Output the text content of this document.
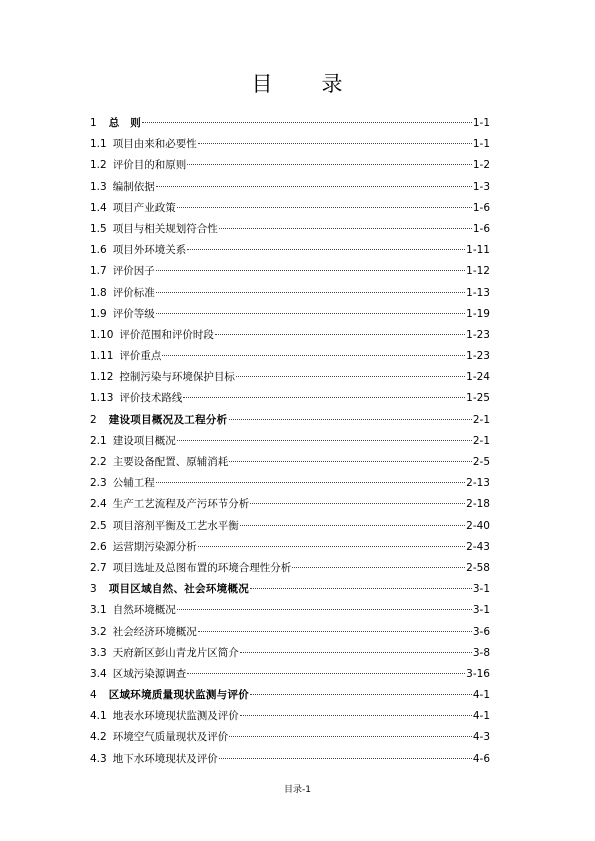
目 录
1 总　则	1-1
1.1 项目由来和必要性	1-1
1.2 评价目的和原则	1-2
1.3 编制依据	1-3
1.4 项目产业政策	1-6
1.5 项目与相关规划符合性	1-6
1.6 项目外环境关系	1-11
1.7 评价因子	1-12
1.8 评价标准	1-13
1.9 评价等级	1-19
1.10 评价范围和评价时段	1-23
1.11 评价重点	1-23
1.12 控制污染与环境保护目标	1-24
1.13 评价技术路线	1-25
2 建设项目概况及工程分析	2-1
2.1 建设项目概况	2-1
2.2 主要设备配置、原辅消耗	2-5
2.3 公辅工程	2-13
2.4 生产工艺流程及产污环节分析	2-18
2.5 项目溶剂平衡及工艺水平衡	2-40
2.6 运营期污染源分析	2-43
2.7 项目选址及总图布置的环境合理性分析	2-58
3 项目区域自然、社会环境概况	3-1
3.1 自然环境概况	3-1
3.2 社会经济环境概况	3-6
3.3 天府新区彭山青龙片区简介	3-8
3.4 区域污染源调查	3-16
4 区域环境质量现状监测与评价	4-1
4.1 地表水环境现状监测及评价	4-1
4.2 环境空气质量现状及评价	4-3
4.3 地下水环境现状及评价	4-6
目录-1
